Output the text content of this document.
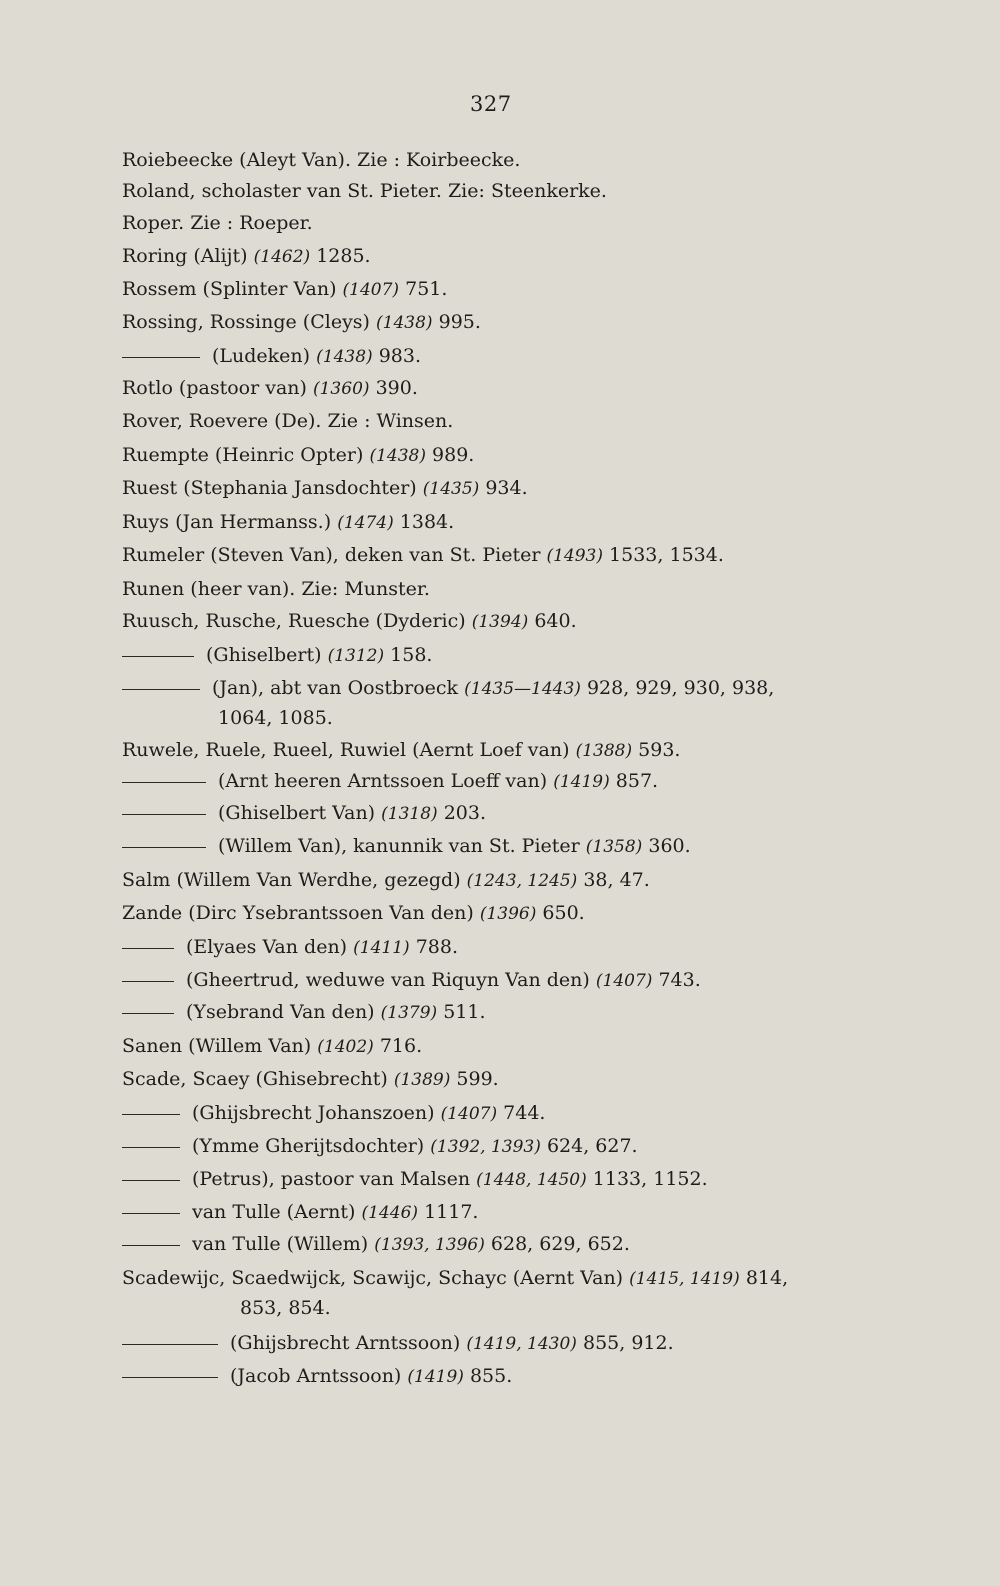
327
Roiebeecke (Aleyt Van). Zie : Koirbeecke.
Roland, scholaster van St. Pieter. Zie: Steenkerke.
Roper. Zie : Roeper.
Roring (Alijt) (1462) 1285.
Rossem (Splinter Van) (1407) 751.
Rossing, Rossinge (Cleys) (1438) 995.
(Ludeken) (1438) 983.
Rotlo (pastoor van) (1360) 390.
Rover, Roevere (De). Zie : Winsen.
Ruempte (Heinric Opter) (1438) 989.
Ruest (Stephania Jansdochter) (1435) 934.
Ruys (Jan Hermanss.) (1474) 1384.
Rumeler (Steven Van), deken van St. Pieter (1493) 1533, 1534.
Runen (heer van). Zie: Munster.
Ruusch, Rusche, Ruesche (Dyderic) (1394) 640.
(Ghiselbert) (1312) 158.
(Jan), abt van Oostbroeck (1435—1443) 928, 929, 930, 938,
1064, 1085.
Ruwele, Ruele, Rueel, Ruwiel (Aernt Loef van) (1388) 593.
(Arnt heeren Arntssoen Loeff van) (1419) 857.
(Ghiselbert Van) (1318) 203.
(Willem Van), kanunnik van St. Pieter (1358) 360.
Salm (Willem Van Werdhe, gezegd) (1243, 1245) 38, 47.
Zande (Dirc Ysebrantssoen Van den) (1396) 650.
(Elyaes Van den) (1411) 788.
(Gheertrud, weduwe van Riquyn Van den) (1407) 743.
(Ysebrand Van den) (1379) 511.
Sanen (Willem Van) (1402) 716.
Scade, Scaey (Ghisebrecht) (1389) 599.
(Ghijsbrecht Johanszoen) (1407) 744.
(Ymme Gherijtsdochter) (1392, 1393) 624, 627.
(Petrus), pastoor van Malsen (1448, 1450) 1133, 1152.
van Tulle (Aernt) (1446) 1117.
van Tulle (Willem) (1393, 1396) 628, 629, 652.
Scadewijc, Scaedwijck, Scawijc, Schayc (Aernt Van) (1415, 1419) 814,
853, 854.
(Ghijsbrecht Arntssoon) (1419, 1430) 855, 912.
(Jacob Arntssoon) (1419) 855.
